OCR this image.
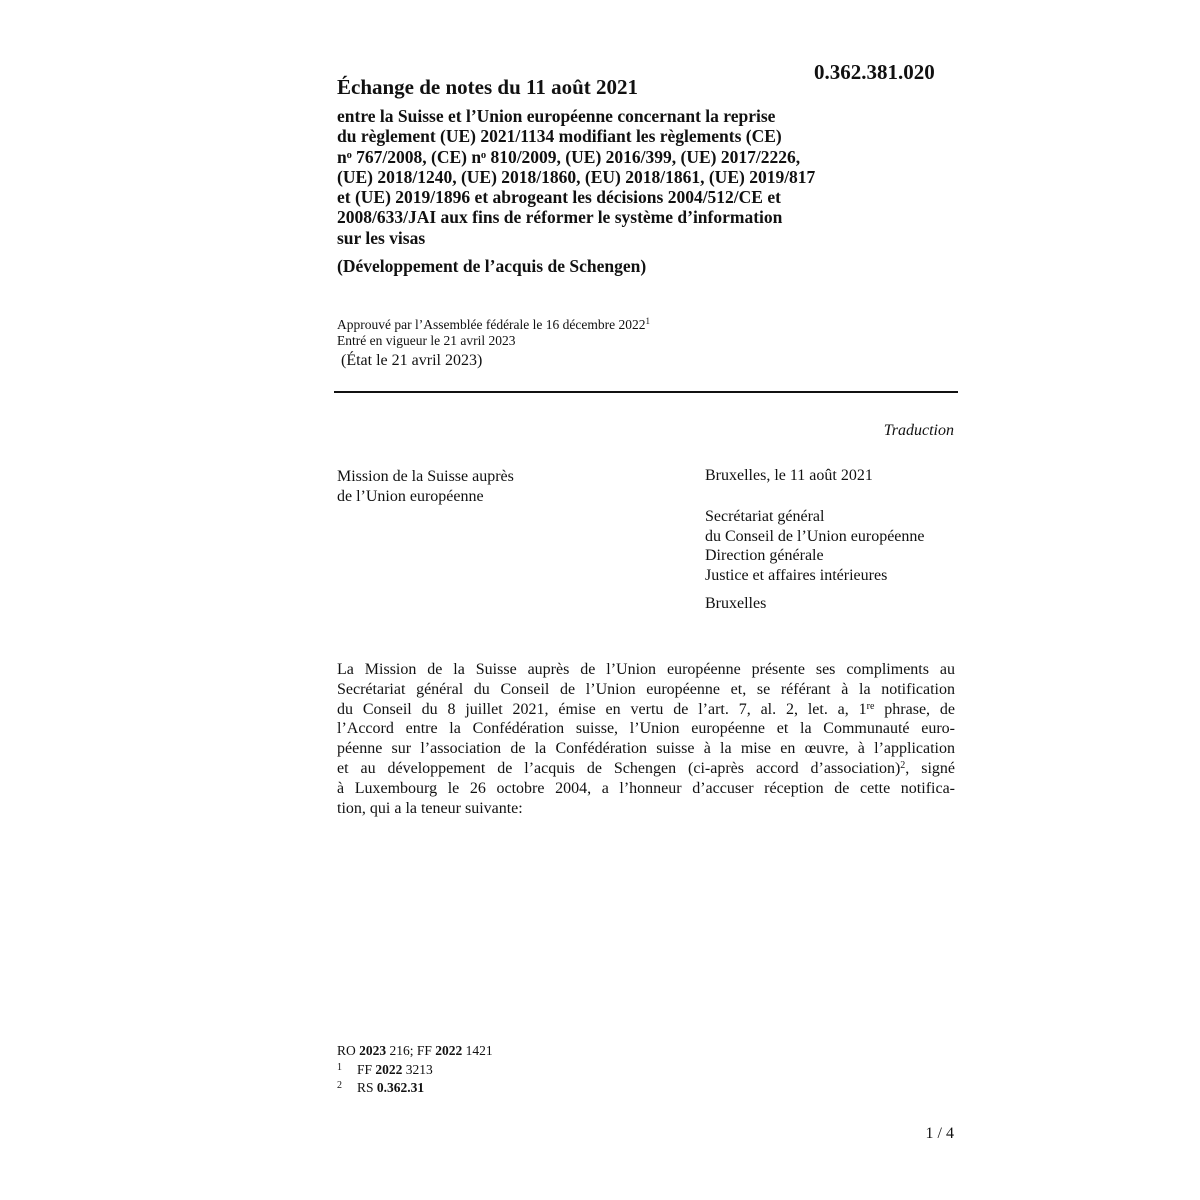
0.362.381.020
Échange de notes du 11 août 2021
entre la Suisse et l’Union européenne concernant la reprise
du règlement (UE) 2021/1134 modifiant les règlements (CE)
nᵒ 767/2008, (CE) nᵒ 810/2009, (UE) 2016/399, (UE) 2017/2226,
(UE) 2018/1240, (UE) 2018/1860, (EU) 2018/1861, (UE) 2019/817
et (UE) 2019/1896 et abrogeant les décisions 2004/512/CE et
2008/633/JAI aux fins de réformer le système d’information
sur les visas
(Développement de l’acquis de Schengen)
Approuvé par l’Assemblée fédérale le 16 décembre 2022$^1$
Entré en vigueur le 21 avril 2023
(État le 21 avril 2023)
Traduction
Mission de la Suisse auprès
de l’Union européenne
Bruxelles, le 11 août 2021
Secrétariat général
du Conseil de l’Union européenne
Direction générale
Justice et affaires intérieures
Bruxelles
La Mission de la Suisse auprès de l’Union européenne présente ses compliments au
Secrétariat général du Conseil de l’Union européenne et, se référant à la notification
du Conseil du 8 juillet 2021, émise en vertu de l’art. 7, al. 2, let. a, 1re phrase, de
l’Accord entre la Confédération suisse, l’Union européenne et la Communauté euro-
péenne sur l’association de la Confédération suisse à la mise en œuvre, à l’application
et au développement de l’acquis de Schengen (ci-après accord d’association)$^2$, signé
à Luxembourg le 26 octobre 2004, a l’honneur d’accuser réception de cette notifica-
tion, qui a la teneur suivante:
RO 2023 216; FF 2022 1421
1 FF 2022 3213
2 RS 0.362.31
1 / 4
